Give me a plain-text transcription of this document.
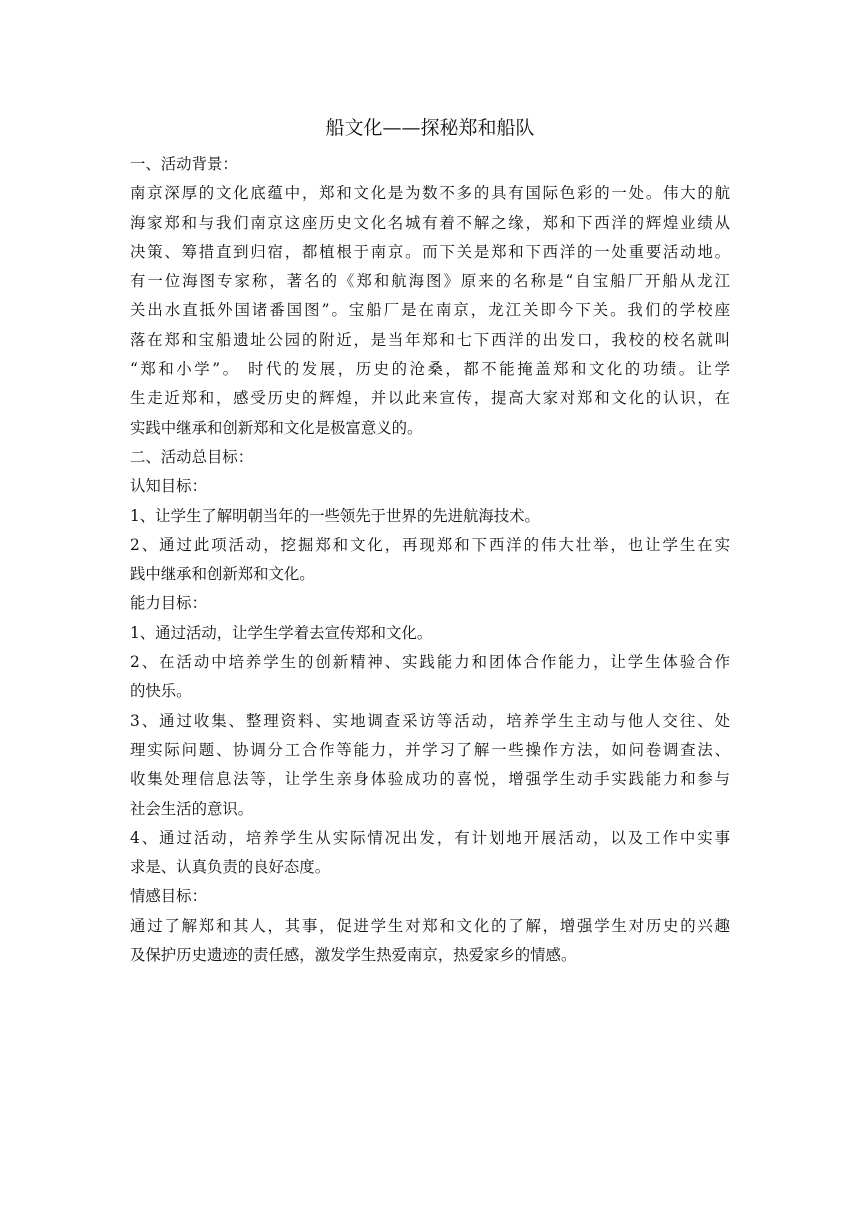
船文化——探秘郑和船队
一、活动背景：
南京深厚的文化底蕴中，郑和文化是为数不多的具有国际色彩的一处。伟大的航
海家郑和与我们南京这座历史文化名城有着不解之缘，郑和下西洋的辉煌业绩从
决策、筹措直到归宿，都植根于南京。而下关是郑和下西洋的一处重要活动地。
有一位海图专家称，著名的《郑和航海图》原来的名称是“自宝船厂开船从龙江
关出水直抵外国诸番国图”。宝船厂是在南京，龙江关即今下关。我们的学校座
落在郑和宝船遗址公园的附近，是当年郑和七下西洋的出发口，我校的校名就叫
“郑和小学”。 时代的发展，历史的沧桑，都不能掩盖郑和文化的功绩。让学
生走近郑和，感受历史的辉煌，并以此来宣传，提高大家对郑和文化的认识，在
实践中继承和创新郑和文化是极富意义的。
二、活动总目标：
认知目标：
1、让学生了解明朝当年的一些领先于世界的先进航海技术。
2、通过此项活动，挖掘郑和文化，再现郑和下西洋的伟大壮举，也让学生在实
践中继承和创新郑和文化。
能力目标：
1、通过活动，让学生学着去宣传郑和文化。
2、在活动中培养学生的创新精神、实践能力和团体合作能力，让学生体验合作
的快乐。
3、通过收集、整理资料、实地调查采访等活动，培养学生主动与他人交往、处
理实际问题、协调分工合作等能力，并学习了解一些操作方法，如问卷调查法、
收集处理信息法等，让学生亲身体验成功的喜悦，增强学生动手实践能力和参与
社会生活的意识。
4、通过活动，培养学生从实际情况出发，有计划地开展活动，以及工作中实事
求是、认真负责的良好态度。
情感目标：
通过了解郑和其人，其事，促进学生对郑和文化的了解，增强学生对历史的兴趣
及保护历史遗迹的责任感，激发学生热爱南京，热爱家乡的情感。
